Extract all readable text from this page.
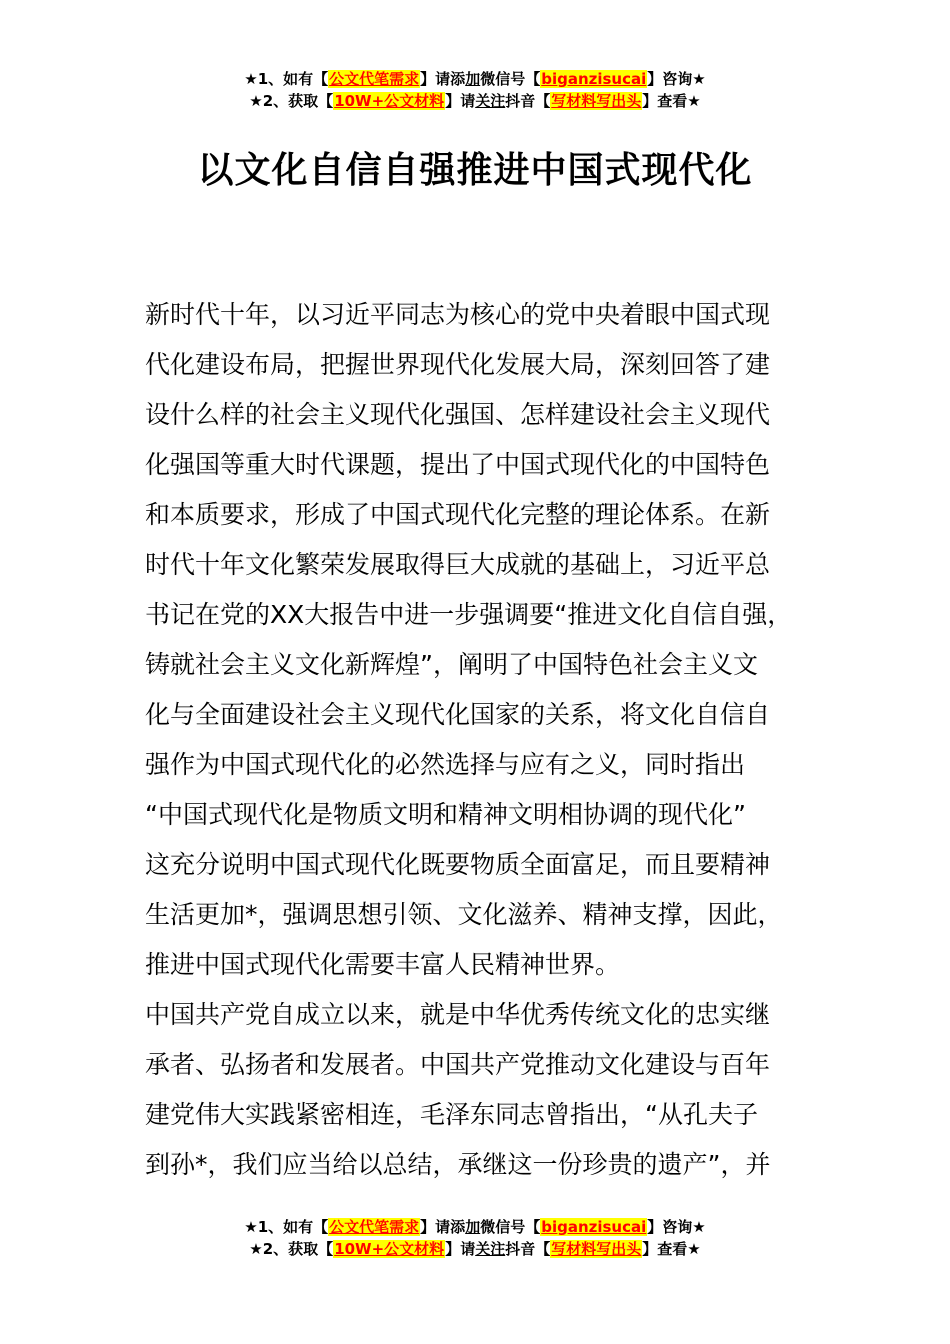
★1、如有【公文代笔需求】请添加微信号【biganzisucai】咨询★
★2、获取【10W+公文材料】请关注抖音【写材料写出头】查看★
以文化自信自强推进中国式现代化
新时代十年，以习近平同志为核心的党中央着眼中国式现
代化建设布局，把握世界现代化发展大局，深刻回答了建
设什么样的社会主义现代化强国、怎样建设社会主义现代
化强国等重大时代课题，提出了中国式现代化的中国特色
和本质要求，形成了中国式现代化完整的理论体系。在新
时代十年文化繁荣发展取得巨大成就的基础上，习近平总
书记在党的XX大报告中进一步强调要“推进文化自信自强，
铸就社会主义文化新辉煌”，阐明了中国特色社会主义文
化与全面建设社会主义现代化国家的关系，将文化自信自
强作为中国式现代化的必然选择与应有之义，同时指出
“中国式现代化是物质文明和精神文明相协调的现代化”
这充分说明中国式现代化既要物质全面富足，而且要精神
生活更加*，强调思想引领、文化滋养、精神支撑，因此，
推进中国式现代化需要丰富人民精神世界。
中国共产党自成立以来，就是中华优秀传统文化的忠实继
承者、弘扬者和发展者。中国共产党推动文化建设与百年
建党伟大实践紧密相连，毛泽东同志曾指出，“从孔夫子
到孙*，我们应当给以总结，承继这一份珍贵的遗产”，并
★1、如有【公文代笔需求】请添加微信号【biganzisucai】咨询★
★2、获取【10W+公文材料】请关注抖音【写材料写出头】查看★
